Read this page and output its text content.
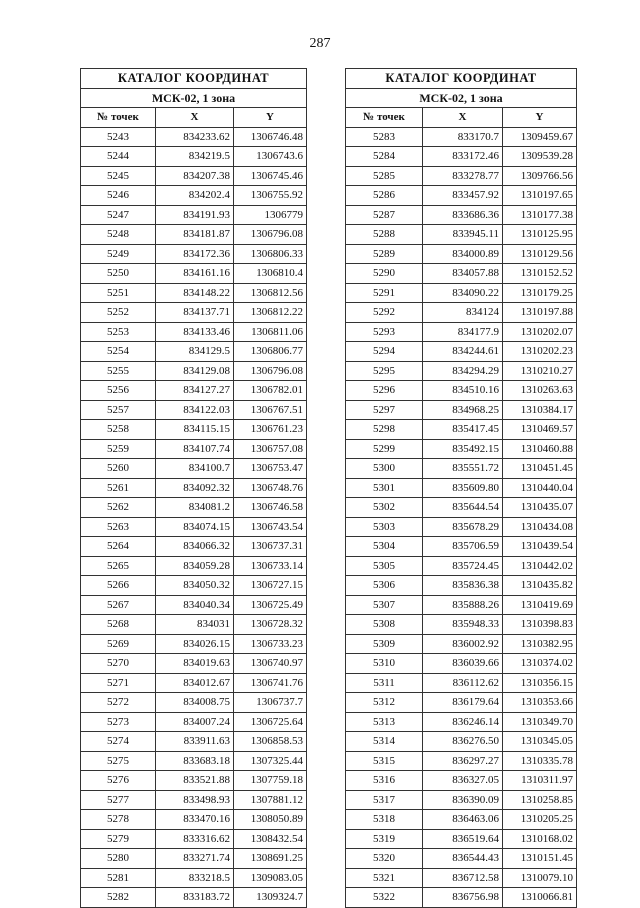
287
КАТАЛОГ КООРДИНАТ		
МСК-02, 1 зона		
№ точек	X	Y
5243	834233.62	1306746.48
5244	834219.5	1306743.6
5245	834207.38	1306745.46
5246	834202.4	1306755.92
5247	834191.93	1306779
5248	834181.87	1306796.08
5249	834172.36	1306806.33
5250	834161.16	1306810.4
5251	834148.22	1306812.56
5252	834137.71	1306812.22
5253	834133.46	1306811.06
5254	834129.5	1306806.77
5255	834129.08	1306796.08
5256	834127.27	1306782.01
5257	834122.03	1306767.51
5258	834115.15	1306761.23
5259	834107.74	1306757.08
5260	834100.7	1306753.47
5261	834092.32	1306748.76
5262	834081.2	1306746.58
5263	834074.15	1306743.54
5264	834066.32	1306737.31
5265	834059.28	1306733.14
5266	834050.32	1306727.15
5267	834040.34	1306725.49
5268	834031	1306728.32
5269	834026.15	1306733.23
5270	834019.63	1306740.97
5271	834012.67	1306741.76
5272	834008.75	1306737.7
5273	834007.24	1306725.64
5274	833911.63	1306858.53
5275	833683.18	1307325.44
5276	833521.88	1307759.18
5277	833498.93	1307881.12
5278	833470.16	1308050.89
5279	833316.62	1308432.54
5280	833271.74	1308691.25
5281	833218.5	1309083.05
5282	833183.72	1309324.7
КАТАЛОГ КООРДИНАТ		
МСК-02, 1 зона		
№ точек	X	Y
5283	833170.7	1309459.67
5284	833172.46	1309539.28
5285	833278.77	1309766.56
5286	833457.92	1310197.65
5287	833686.36	1310177.38
5288	833945.11	1310125.95
5289	834000.89	1310129.56
5290	834057.88	1310152.52
5291	834090.22	1310179.25
5292	834124	1310197.88
5293	834177.9	1310202.07
5294	834244.61	1310202.23
5295	834294.29	1310210.27
5296	834510.16	1310263.63
5297	834968.25	1310384.17
5298	835417.45	1310469.57
5299	835492.15	1310460.88
5300	835551.72	1310451.45
5301	835609.80	1310440.04
5302	835644.54	1310435.07
5303	835678.29	1310434.08
5304	835706.59	1310439.54
5305	835724.45	1310442.02
5306	835836.38	1310435.82
5307	835888.26	1310419.69
5308	835948.33	1310398.83
5309	836002.92	1310382.95
5310	836039.66	1310374.02
5311	836112.62	1310356.15
5312	836179.64	1310353.66
5313	836246.14	1310349.70
5314	836276.50	1310345.05
5315	836297.27	1310335.78
5316	836327.05	1310311.97
5317	836390.09	1310258.85
5318	836463.06	1310205.25
5319	836519.64	1310168.02
5320	836544.43	1310151.45
5321	836712.58	1310079.10
5322	836756.98	1310066.81
